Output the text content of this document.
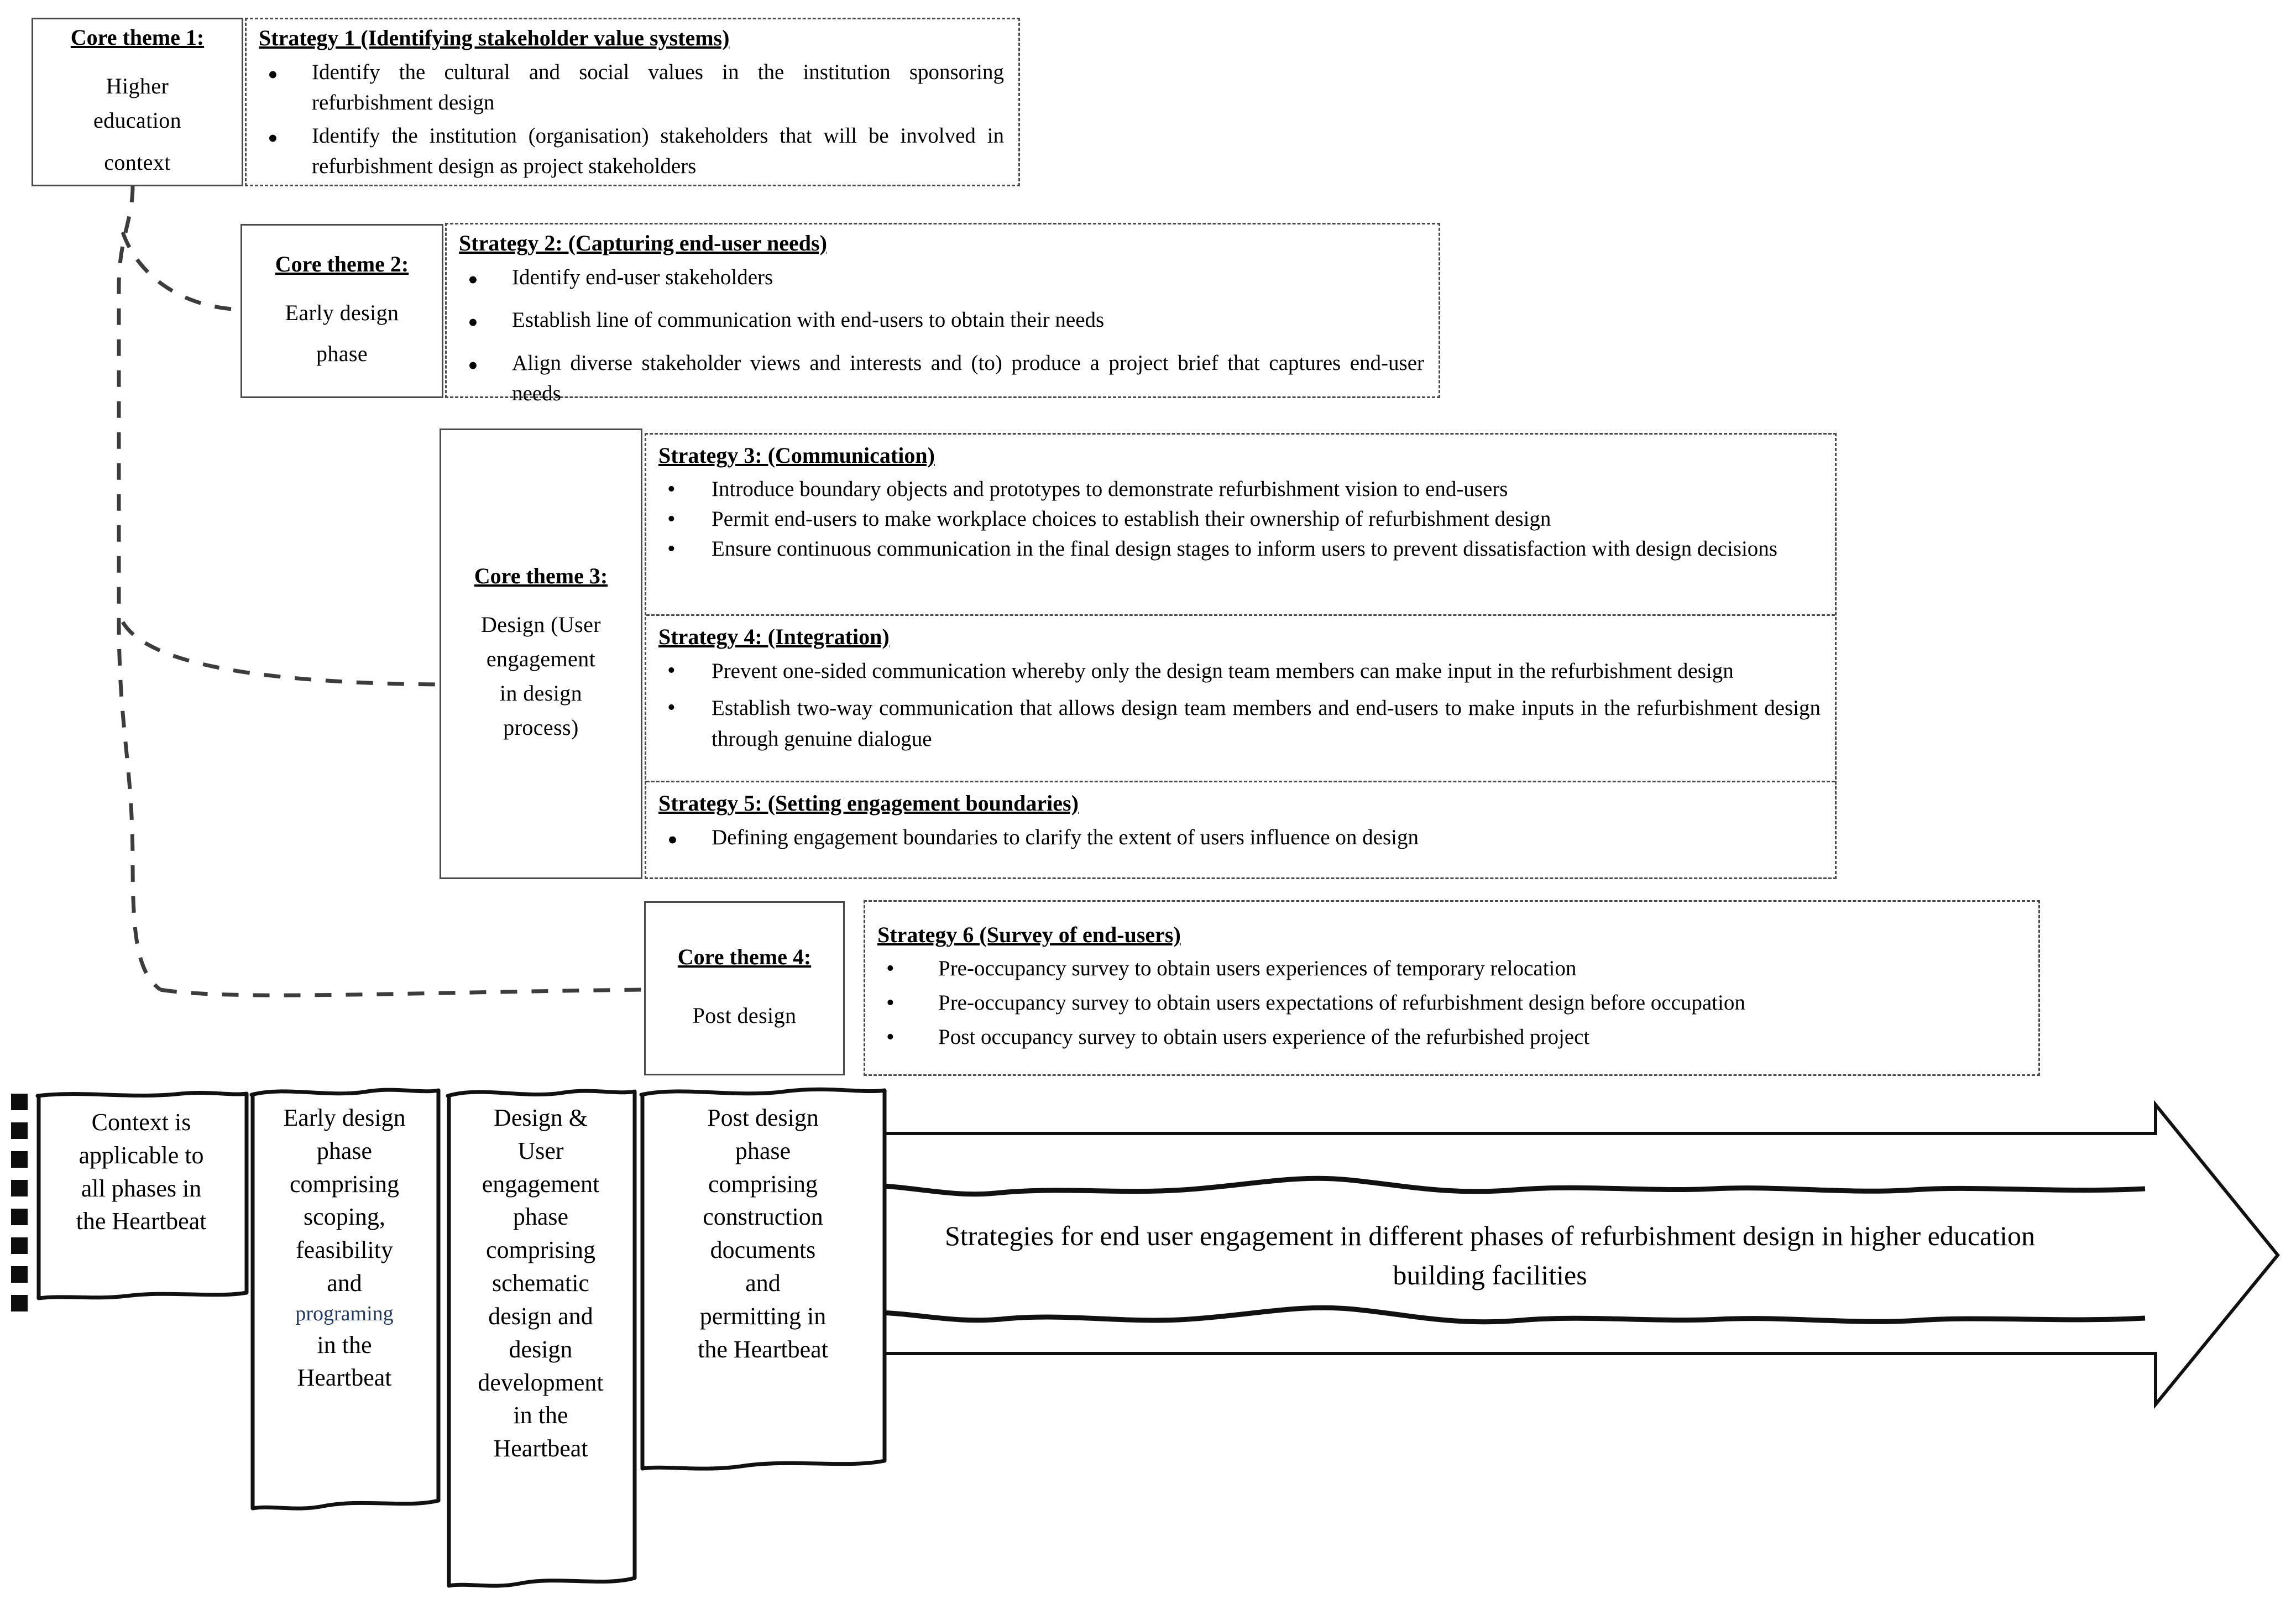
Core theme 1:
Higher
education
context
Strategy 1 (Identifying stakeholder value systems)
• Identify the cultural and social values in the institution sponsoring refurbishment design
• Identify the institution (organisation) stakeholders that will be involved in refurbishment design as project stakeholders
Core theme 2:
Early design
phase
Strategy 2: (Capturing end-user needs)
• Identify end-user stakeholders
• Establish line of communication with end-users to obtain their needs
• Align diverse stakeholder views and interests and (to) produce a project brief that captures end-user needs
Core theme 3:
Design (User
engagement
in design
process)
Strategy 3: (Communication)
• Introduce boundary objects and prototypes to demonstrate refurbishment vision to end-users
• Permit end-users to make workplace choices to establish their ownership of refurbishment design
• Ensure continuous communication in the final design stages to inform users to prevent dissatisfaction with design decisions
Strategy 4: (Integration)
• Prevent one-sided communication whereby only the design team members can make input in the refurbishment design
• Establish two-way communication that allows design team members and end-users to make inputs in the refurbishment design through genuine dialogue
Strategy 5: (Setting engagement boundaries)
• Defining engagement boundaries to clarify the extent of users influence on design
Core theme 4:
Post design
Strategy 6 (Survey of end-users)
• Pre-occupancy survey to obtain users experiences of temporary relocation
• Pre-occupancy survey to obtain users expectations of refurbishment design before occupation
• Post occupancy survey to obtain users experience of the refurbished project
Strategies for end user engagement in different phases of refurbishment design in higher education building facilities
Context is
applicable to
all phases in
the Heartbeat
Early design
phase
comprising
scoping,
feasibility
and
programing
in the
Heartbeat
Design &
User
engagement
phase
comprising
schematic
design and
design
development
in the
Heartbeat
Post design
phase
comprising
construction
documents
and
permitting in
the Heartbeat
